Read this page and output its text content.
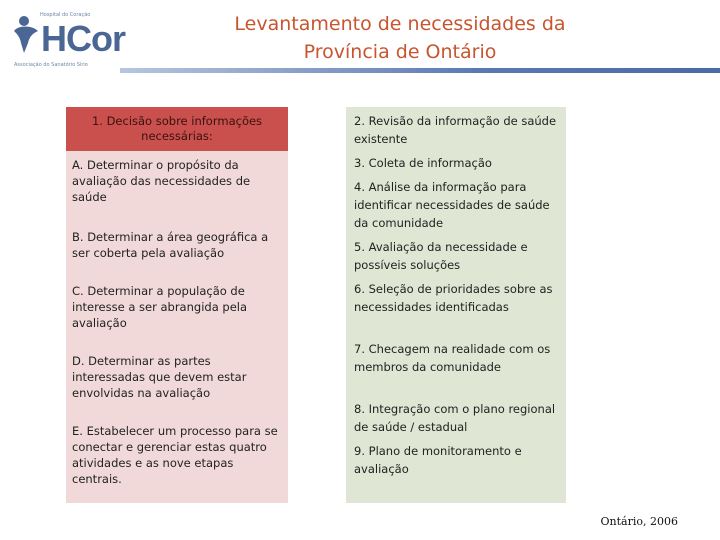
Hospital do Coração
HCor
Associação do Sanatório Sírio
Levantamento de necessidades da
Província de Ontário
1. Decisão sobre informações necessárias:
A. Determinar o propósito da avaliação das necessidades de saúde
B. Determinar a área geográfica a ser coberta pela avaliação
C. Determinar a população de interesse a ser abrangida pela avaliação
D. Determinar as partes interessadas que devem estar envolvidas na avaliação
E. Estabelecer um processo para se conectar e gerenciar estas quatro atividades e as nove etapas centrais.
2. Revisão da informação de saúde existente
3. Coleta de informação
4. Análise da informação para identificar necessidades de saúde da comunidade
5. Avaliação da necessidade e possíveis soluções
6. Seleção de prioridades sobre as necessidades identificadas
7. Checagem na realidade com os membros da comunidade
8. Integração com o plano regional de saúde / estadual
9. Plano de monitoramento e avaliação
Ontário, 2006
